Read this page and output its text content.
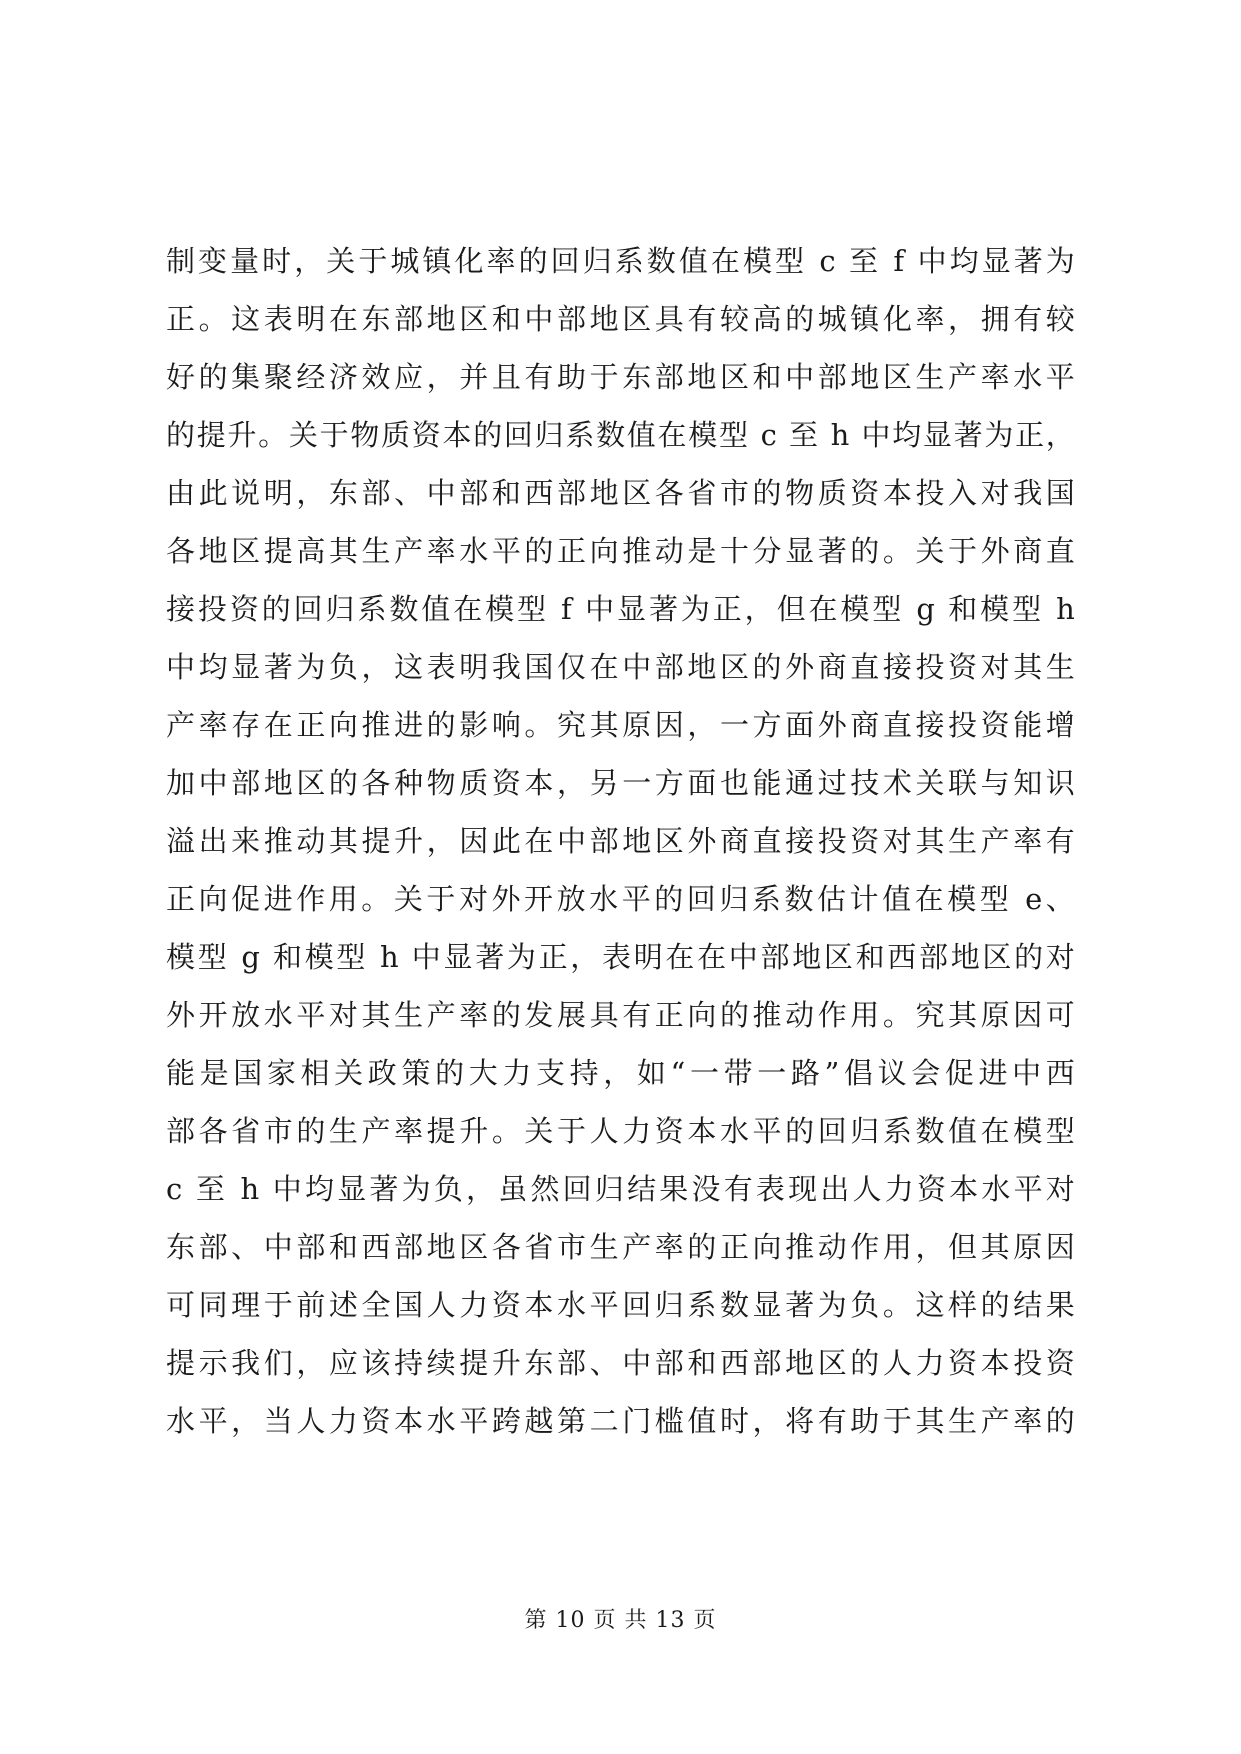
制变量时，关于城镇化率的回归系数值在模型 c 至 f 中均显著为
正。这表明在东部地区和中部地区具有较高的城镇化率，拥有较
好的集聚经济效应，并且有助于东部地区和中部地区生产率水平
的提升。关于物质资本的回归系数值在模型 c 至 h 中均显著为正，
由此说明，东部、中部和西部地区各省市的物质资本投入对我国
各地区提高其生产率水平的正向推动是十分显著的。关于外商直
接投资的回归系数值在模型 f 中显著为正，但在模型 g 和模型 h
中均显著为负，这表明我国仅在中部地区的外商直接投资对其生
产率存在正向推进的影响。究其原因，一方面外商直接投资能增
加中部地区的各种物质资本，另一方面也能通过技术关联与知识
溢出来推动其提升，因此在中部地区外商直接投资对其生产率有
正向促进作用。关于对外开放水平的回归系数估计值在模型 e、
模型 g 和模型 h 中显著为正，表明在在中部地区和西部地区的对
外开放水平对其生产率的发展具有正向的推动作用。究其原因可
能是国家相关政策的大力支持，如“一带一路”倡议会促进中西
部各省市的生产率提升。关于人力资本水平的回归系数值在模型
c 至 h 中均显著为负，虽然回归结果没有表现出人力资本水平对
东部、中部和西部地区各省市生产率的正向推动作用，但其原因
可同理于前述全国人力资本水平回归系数显著为负。这样的结果
提示我们，应该持续提升东部、中部和西部地区的人力资本投资
水平，当人力资本水平跨越第二门槛值时，将有助于其生产率的
第 10 页 共 13 页
